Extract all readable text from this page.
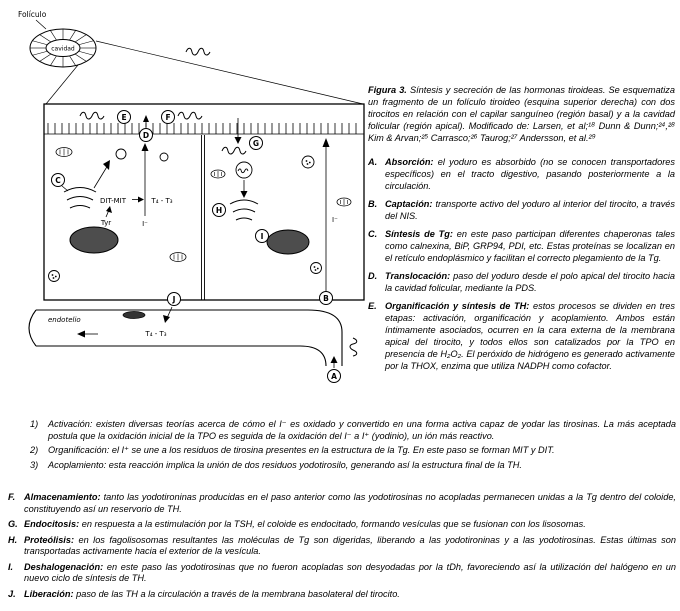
Folículo
cavidad
E	F
C
DIT-MIT	T₄ - T₃
Tyr	I⁻
D
J
G
H
I
I⁻
B
endotelio
T₄ - T₃
A

Figura 3. Síntesis y secreción de las hormonas tiroideas. Se esquematiza un fragmento de un folículo tiroideo (esquina superior derecha) con dos tirocitos en relación con el capilar sanguíneo (región basal) y a la cavidad folicular (región apical). Modificado de: Larsen, et al;¹⁸ Dunn & Dunn;²⁴,²⁸ Kim & Arvan;²⁵ Carrasco;²⁶ Taurog;²⁷ Andersson, et al.²⁹

A. Absorción: el yoduro es absorbido (no se conocen transportadores específicos) en el tracto digestivo, pasando posteriormente a la circulación.
B. Captación: transporte activo del yoduro al interior del tirocito, a través del NIS.
C. Síntesis de Tg: en este paso participan diferentes chaperonas tales como calnexina, BiP, GRP94, PDI, etc. Estas proteínas se localizan en el retículo endoplásmico y facilitan el correcto plegamiento de la Tg.
D. Translocación: paso del yoduro desde el polo apical del tirocito hacia la cavidad folicular, mediante la PDS.
E. Organificación y síntesis de TH: estos procesos se dividen en tres etapas: activación, organificación y acoplamiento. Ambos están íntimamente asociados, ocurren en la cara externa de la membrana apical del tirocito, y todos ellos son catalizados por la TPO en presencia de H₂O₂. El peróxido de hidrógeno es generado activamente por la THOX, enzima que utiliza NADPH como cofactor.
1)	Activación: existen diversas teorías acerca de cómo el I⁻ es oxidado y convertido en una forma activa capaz de yodar las tirosinas. La más aceptada postula que la oxidación inicial de la TPO es seguida de la oxidación del I⁻ a I⁺ (yodinio), un ión más reactivo.
2)	Organificación: el I⁺ se une a los residuos de tirosina presentes en la estructura de la Tg. En este paso se forman MIT y DIT.
3)	Acoplamiento: esta reacción implica la unión de dos residuos yodotirosilo, generando así la estructura final de la TH.
F. Almacenamiento: tanto las yodotironinas producidas en el paso anterior como las yodotirosinas no acopladas permanecen unidas a la Tg dentro del coloide, constituyendo así un reservorio de TH.
G. Endocitosis: en respuesta a la estimulación por la TSH, el coloide es endocitado, formando vesículas que se fusionan con los lisosomas.
H. Proteólisis: en los fagolisosomas resultantes las moléculas de Tg son digeridas, liberando a las yodotironinas y a las yodotirosinas. Estas últimas son transportadas activamente hacia el exterior de la vesícula.
I.	Deshalogenación: en este paso las yodotirosinas que no fueron acopladas son desyodadas por la tDh, favoreciendo así la utilización del halógeno en un nuevo ciclo de síntesis de TH.
J. Liberación: paso de las TH a la circulación a través de la membrana basolateral del tirocito.
